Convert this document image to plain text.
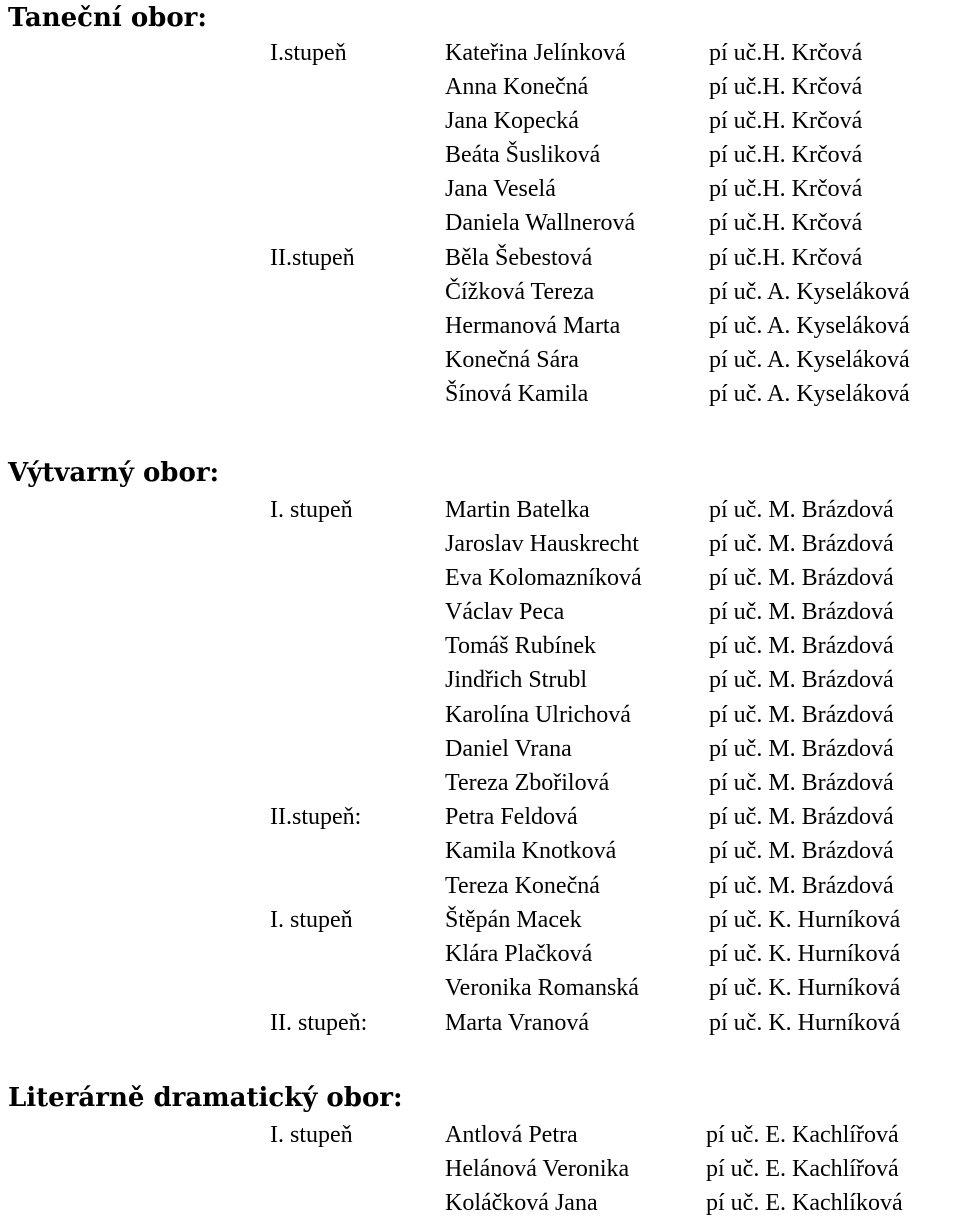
Taneční obor:
I.stupeň	Kateřina Jelínková	pí uč.H. Krčová
Anna Konečná	pí uč.H. Krčová
Jana Kopecká	pí uč.H. Krčová
Beáta Šusliková	pí uč.H. Krčová
Jana Veselá	pí uč.H. Krčová
Daniela Wallnerová	pí uč.H. Krčová
II.stupeň	Běla Šebestová	pí uč.H. Krčová
Čížková Tereza	pí uč. A. Kyseláková
Hermanová Marta	pí uč. A. Kyseláková
Konečná Sára	pí uč. A. Kyseláková
Šínová Kamila	pí uč. A. Kyseláková
Výtvarný obor:
I. stupeň	Martin Batelka	pí uč. M. Brázdová
Jaroslav Hauskrecht	pí uč. M. Brázdová
Eva Kolomazníková	pí uč. M. Brázdová
Václav Peca	pí uč. M. Brázdová
Tomáš Rubínek	pí uč. M. Brázdová
Jindřich Strubl	pí uč. M. Brázdová
Karolína Ulrichová	pí uč. M. Brázdová
Daniel Vrana	pí uč. M. Brázdová
Tereza Zbořilová	pí uč. M. Brázdová
II.stupeň:	Petra Feldová	pí uč. M. Brázdová
Kamila Knotková	pí uč. M. Brázdová
Tereza Konečná	pí uč. M. Brázdová
I. stupeň	Štěpán Macek	pí uč. K. Hurníková
Klára Plačková	pí uč. K. Hurníková
Veronika Romanská	pí uč. K. Hurníková
II. stupeň:	Marta Vranová	pí uč. K. Hurníková
Literárně dramatický obor:
I. stupeň	Antlová Petra	pí uč. E. Kachlířová
Helánová Veronika	pí uč. E. Kachlířová
Koláčková Jana	pí uč. E. Kachlíková
